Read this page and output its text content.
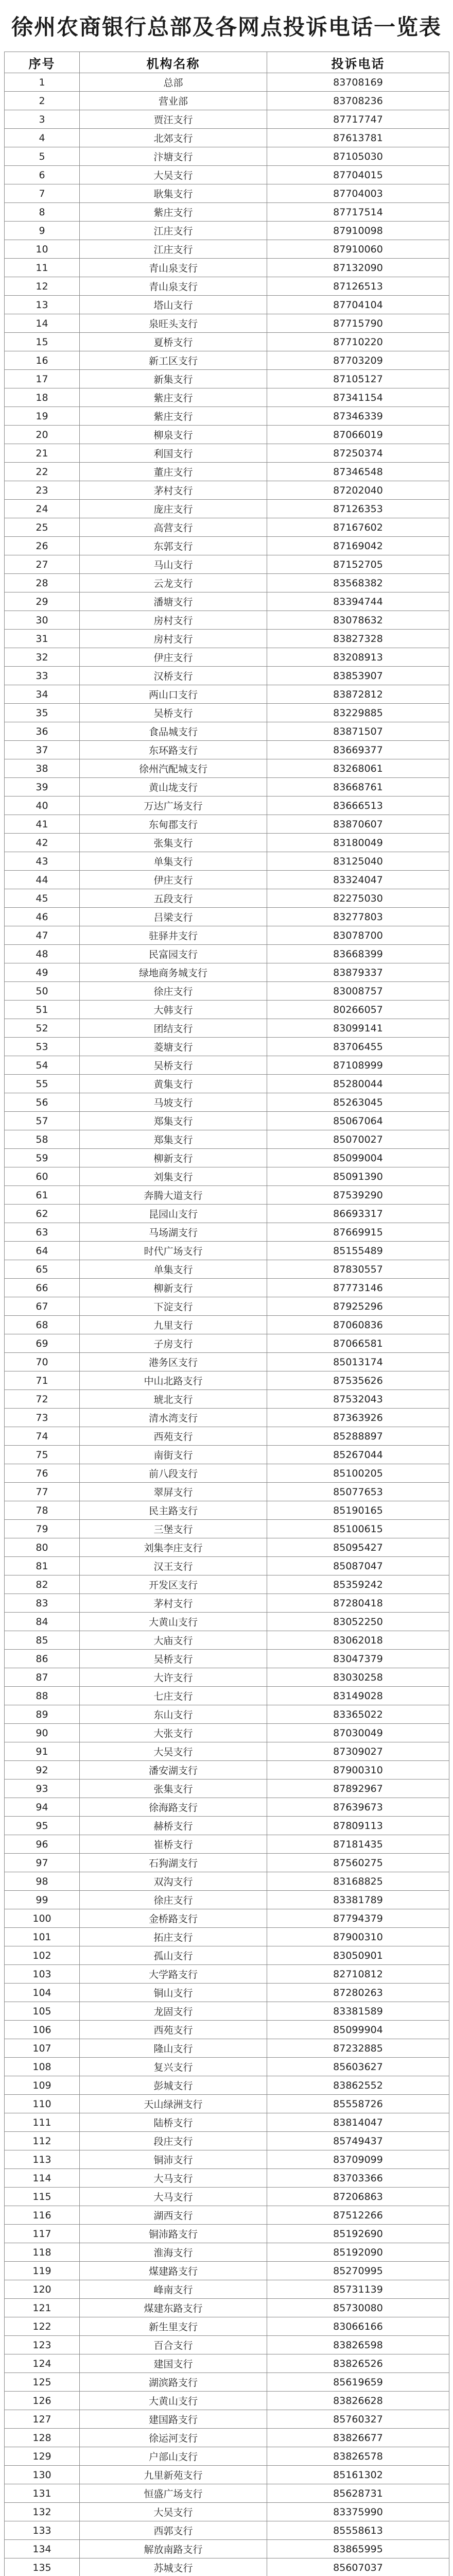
徐州农商银行总部及各网点投诉电话一览表
序号	机构名称	投诉电话
1	总部	83708169
2	营业部	83708236
3	贾汪支行	87717747
4	北郊支行	87613781
5	汴塘支行	87105030
6	大吴支行	87704015
7	耿集支行	87704003
8	紫庄支行	87717514
9	江庄支行	87910098
10	江庄支行	87910060
11	青山泉支行	87132090
12	青山泉支行	87126513
13	塔山支行	87704104
14	泉旺头支行	87715790
15	夏桥支行	87710220
16	新工区支行	87703209
17	新集支行	87105127
18	紫庄支行	87341154
19	紫庄支行	87346339
20	柳泉支行	87066019
21	利国支行	87250374
22	董庄支行	87346548
23	茅村支行	87202040
24	庞庄支行	87126353
25	高营支行	87167602
26	东郭支行	87169042
27	马山支行	87152705
28	云龙支行	83568382
29	潘塘支行	83394744
30	房村支行	83078632
31	房村支行	83827328
32	伊庄支行	83208913
33	汉桥支行	83853907
34	两山口支行	83872812
35	吴桥支行	83229885
36	食品城支行	83871507
37	东环路支行	83669377
38	徐州汽配城支行	83268061
39	黄山垅支行	83668761
40	万达广场支行	83666513
41	东甸郡支行	83870607
42	张集支行	83180049
43	单集支行	83125040
44	伊庄支行	83324047
45	五段支行	82275030
46	吕梁支行	83277803
47	驻驿井支行	83078700
48	民富园支行	83668399
49	绿地商务城支行	83879337
50	徐庄支行	83008757
51	大韩支行	80266057
52	团结支行	83099141
53	菱塘支行	83706455
54	吴桥支行	87108999
55	黄集支行	85280044
56	马坡支行	85263045
57	郑集支行	85067064
58	郑集支行	85070027
59	柳新支行	85099004
60	刘集支行	85091390
61	奔腾大道支行	87539290
62	昆园山支行	86693317
63	马场湖支行	87669915
64	时代广场支行	85155489
65	单集支行	87830557
66	柳新支行	87773146
67	下淀支行	87925296
68	九里支行	87060836
69	子房支行	87066581
70	港务区支行	85013174
71	中山北路支行	87535626
72	琥北支行	87532043
73	清水湾支行	87363926
74	西苑支行	85288897
75	南街支行	85267044
76	前八段支行	85100205
77	翠屏支行	85077653
78	民主路支行	85190165
79	三堡支行	85100615
80	刘集李庄支行	85095427
81	汉王支行	85087047
82	开发区支行	85359242
83	茅村支行	87280418
84	大黄山支行	83052250
85	大庙支行	83062018
86	吴桥支行	83047379
87	大许支行	83030258
88	七庄支行	83149028
89	东山支行	83365022
90	大张支行	87030049
91	大吴支行	87309027
92	潘安湖支行	87900310
93	张集支行	87892967
94	徐海路支行	87639673
95	赫桥支行	87809113
96	崔桥支行	87181435
97	石狗湖支行	87560275
98	双沟支行	83168825
99	徐庄支行	83381789
100	金桥路支行	87794379
101	拓庄支行	87900310
102	孤山支行	83050901
103	大学路支行	82710812
104	铜山支行	87280263
105	龙固支行	83381589
106	西苑支行	85099904
107	隆山支行	87232885
108	复兴支行	85603627
109	彭城支行	83862552
110	天山绿洲支行	85558726
111	陆桥支行	83814047
112	段庄支行	85749437
113	铜沛支行	83709099
114	大马支行	83703366
115	大马支行	87206863
116	湖西支行	87512266
117	铜沛路支行	85192690
118	淮海支行	85192090
119	煤建路支行	85270995
120	峰南支行	85731139
121	煤建东路支行	85730080
122	新生里支行	83066166
123	百合支行	83826598
124	建国支行	83826526
125	湖滨路支行	85619659
126	大黄山支行	83826628
127	建国路支行	85760327
128	徐运河支行	83826677
129	户部山支行	83826578
130	九里新苑支行	85161302
131	恒盛广场支行	85628731
132	大吴支行	83375990
133	西郭支行	85558613
134	解放南路支行	83865995
135	苏城支行	85607037
